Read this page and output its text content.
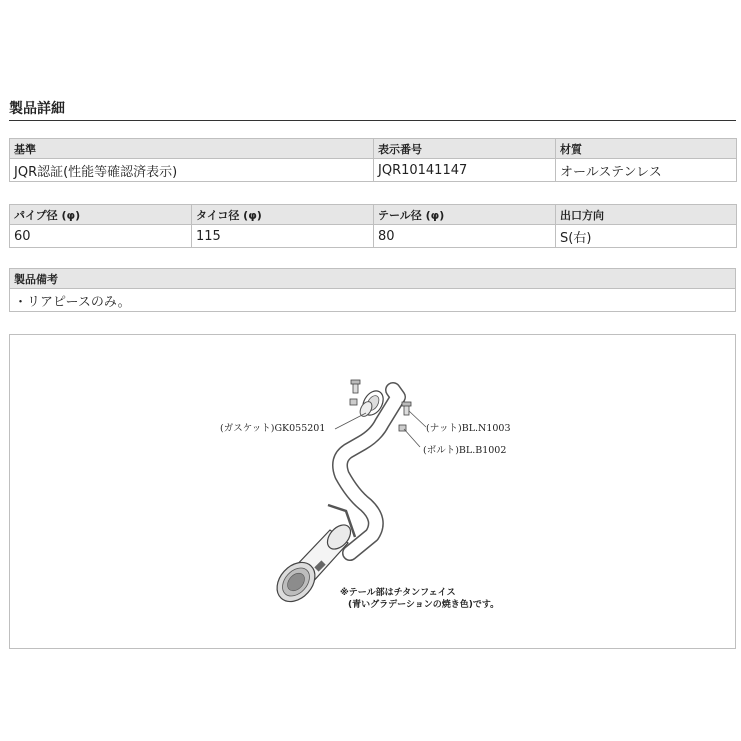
製品詳細
基準	表示番号	材質
JQR認証(性能等確認済表示)	JQR10141147	オールステンレス
パイプ径 (φ)	タイコ径 (φ)	テール径 (φ)	出口方向
60	115	80	S(右)
製品備考
・リアピースのみ。
(ガスケット)GK055201	(ナット)BL.N1003
(ボルト)BL.B1002
※テール部はチタンフェイス
(青いグラデーションの焼き色)です。
